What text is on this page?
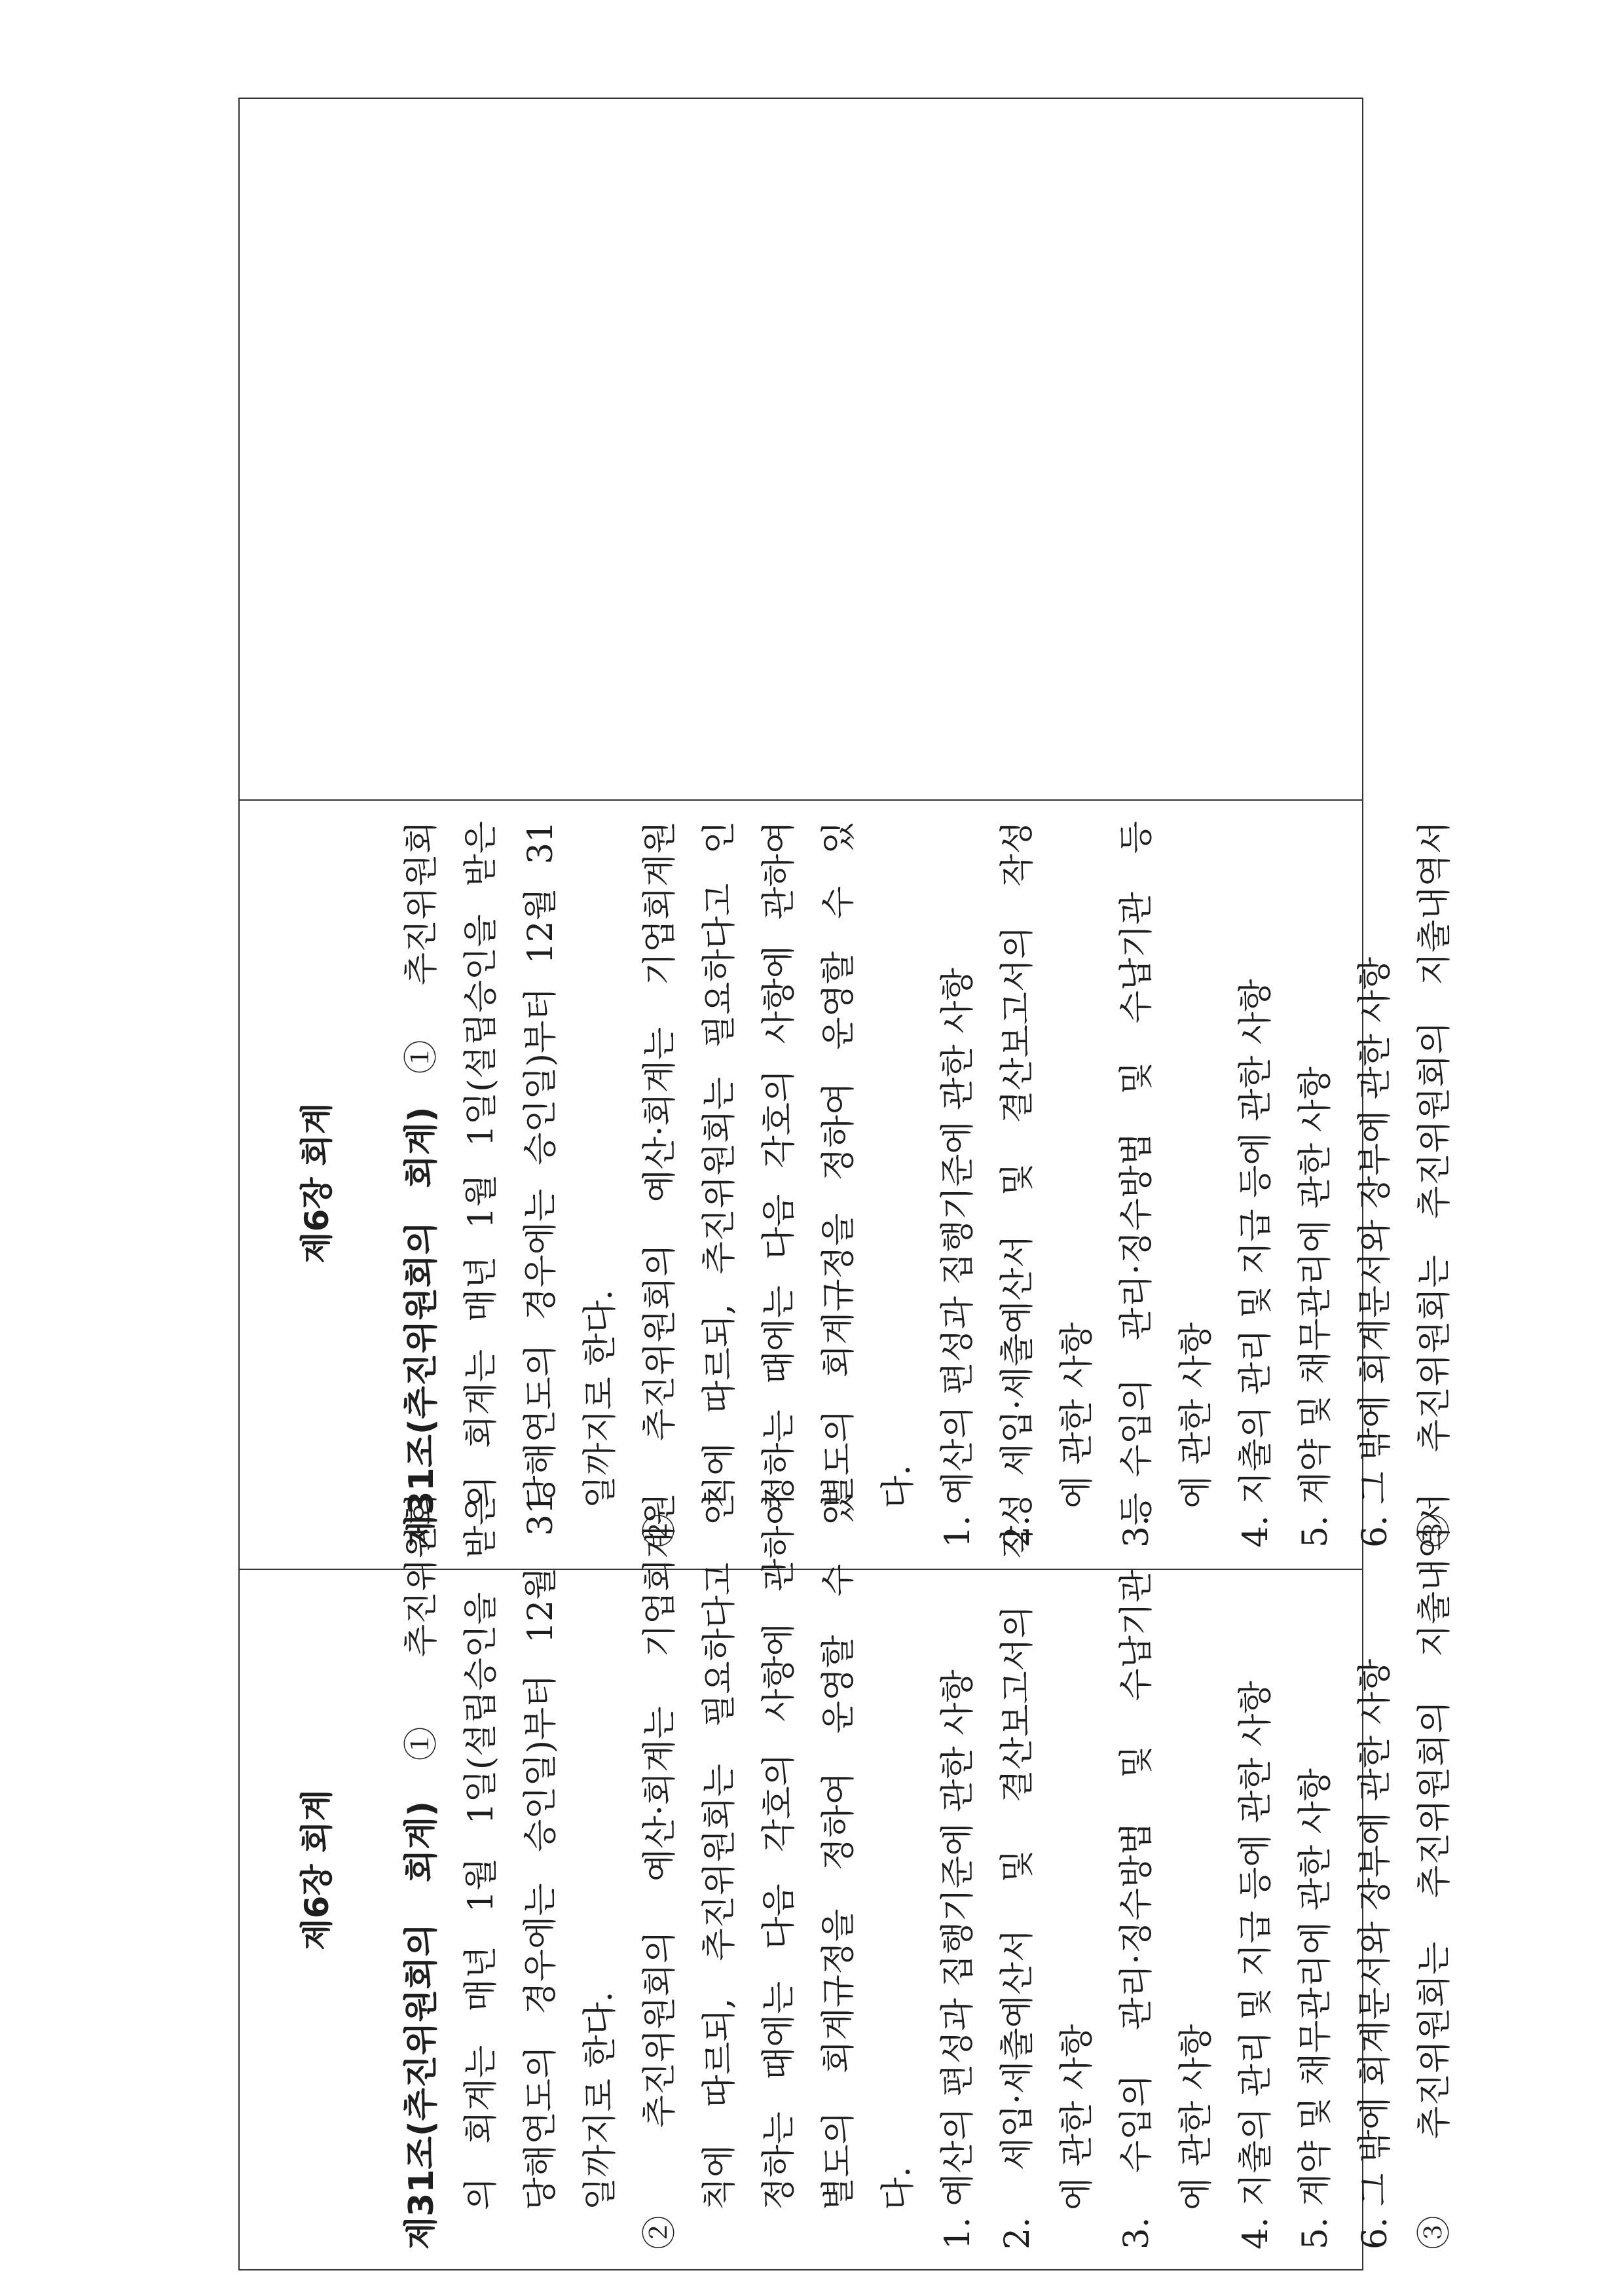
제6장 회계 제31조(추진위원회의 회계) ① 추진위원회 의 회계는 매년 1월 1일(설립승인을 받은 당해연도의 경우에는 승인일)부터 12월 31 일까지로 한다. ② 추진위원회의 예산·회계는 기업회계원 칙에 따르되, 추진위원회는 필요하다고 인 정하는 때에는 다음 각호의 사항에 관하여 별도의 회계규정을 정하여 운영할 수 있 다. 1. 예산의 편성과 집행기준에 관한 사항 2. 세입·세출예산서 및 결산보고서의 작성 에 관한 사항 3. 수입의 관리·징수방법 및 수납기관 등 에 관한 사항 4. 지출의 관리 및 지급 등에 관한 사항 5. 계약 및 채무관리에 관한 사항 6. 그 밖에 회계문서와 장부에 관한 사항 ③ 추진위원회는 추진위원회의 지출내역서
제6장 회계 제31조(추진위원회의 회계) ① 추진위원회 의 회계는 매년 1월 1일(설립승인을 받은 당해연도의 경우에는 승인일)부터 12월 31 일까지로 한다. ② 추진위원회의 예산·회계는 기업회계원 칙에 따르되, 추진위원회는 필요하다고 인 정하는 때에는 다음 각호의 사항에 관하여 별도의 회계규정을 정하여 운영할 수 있 다. 1. 예산의 편성과 집행기준에 관한 사항 2. 세입·세출예산서 및 결산보고서의 작성 에 관한 사항 3. 수입의 관리·징수방법 및 수납기관 등 에 관한 사항 4. 지출의 관리 및 지급 등에 관한 사항 5. 계약 및 채무관리에 관한 사항 6. 그 밖에 회계문서와 장부에 관한 사항 ③ 추진위원회는 추진위원회의 지출내역서
